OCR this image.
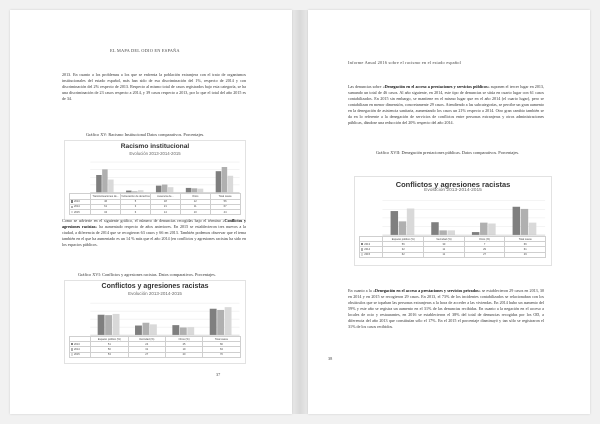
EL MAPA DEL ODIO EN ESPAÑA

2013. En cuanto a los problemas a los que se enfrenta la población extranjera con el trato de organismos institucionales del estado español, más han sido de esa discriminación del 1%, respecto de 2014 y con discriminación del 2% respecto de 2013. Respecto al mismo total de casos registrados bajo esta categoría, se ha una discriminación de 23 casos respecto a 2014, y 39 casos respecto a 2013, por lo que el total del año 2015 es de 34.

Gráfico XV: Racismo Institucional Datos comparativos. Porcentajes.
Racismo institucional
Evolución 2013-2014-2015
	Trato/Actuaciones de...	Vulneración de derechos	Ausencia de...	Otros	Total casos
2013	46	5	18	12	56
2014	61	3	21	11	67
2015	34	6	14	10	44

Como se advierte en el siguiente gráfico, el número de denuncias recogidas bajo el término «Conflictos y agresiones racistas» ha aumentado respecto de años anteriores. En 2015 se establecieron tres nuevos a la ciudad, a diferencia de 2014 que se recogieron 63 casos y 66 en 2013. También podemos observar que el tema también en el que ha aumentado es un 14 % más que el año 2014 (en conflictos y agresiones racistas ha sido en los espacios públicos.

Gráfico XVI: Conflictos y agresiones racistas. Datos comparativos. Porcentajes.
Conflictos y agresiones racistas
Evolución 2013-2014-2015
	Espacio público (%)	Vecindad (%)	Otros (%)	Total casos
2013	51	24	25	66
2014	50	31	19	63
2015	53	27	20	70
37
Informe Anual 2016 sobre el racismo en el estado español

Las denuncias sobre «Denegación en el acceso a prestaciones y servicios públicos» suponen el tercer lugar en 2013, sumando un total de 46 casos. Al año siguiente, en 2014, este tipo de denuncias se sitúa en cuarto lugar con 61 casos contabilizados. En 2015 sin embargo, se mantiene en el mismo lugar que en el año 2014 (el cuarto lugar), pero se contabilizan en menor dimensión, concretamente 29 casos. Atendiendo a las subcategorías, se percibe un gran aumento en la denegación de asistencia sanitaria, aumentando los casos un 21% respecto a 2014. Otro gran cambio también se da en lo referente a la denegación de servicios de conflictos entre personas extranjeras y otros administraciones públicas, dándose una reducción del 20% respecto del año 2014.

Gráfico XVII: Denegación prestaciones públicas. Datos comparativos. Porcentajes.
Conflictos y agresiones racistas
Evolución 2013-2014-2015
	Espacio público (%)	Vecindad (%)	Otros (%)	Total casos
2013	56	30	7	66
2014	32	11	29	61
2015	62	11	27	29

En cuanto a la «Denegación en el acceso a prestaciones y servicios privados» se establecieron 29 casos en 2013, 30 en 2014 y en 2015 se recogieron 29 casos. En 2013, el 73% de los incidentes contabilizados se relacionaban con los obstáculos que se topaban las personas extranjeras a la hora de acceder a las viviendas. En 2014 hubo un aumento del 59% y este año se registra un aumento en el 31% de las denuncias recibidas. En cuanto a la negación en el acceso a locales de ocio y restaurantes, en 2016 se establecieron el 38% del total de denuncias recogidas por los OD, a diferencia del año 2013 que constituían sólo el 17%. En el 2015 el porcentaje disminuyó y tan sólo se registraron el 31% de los casos recibidos.

38
